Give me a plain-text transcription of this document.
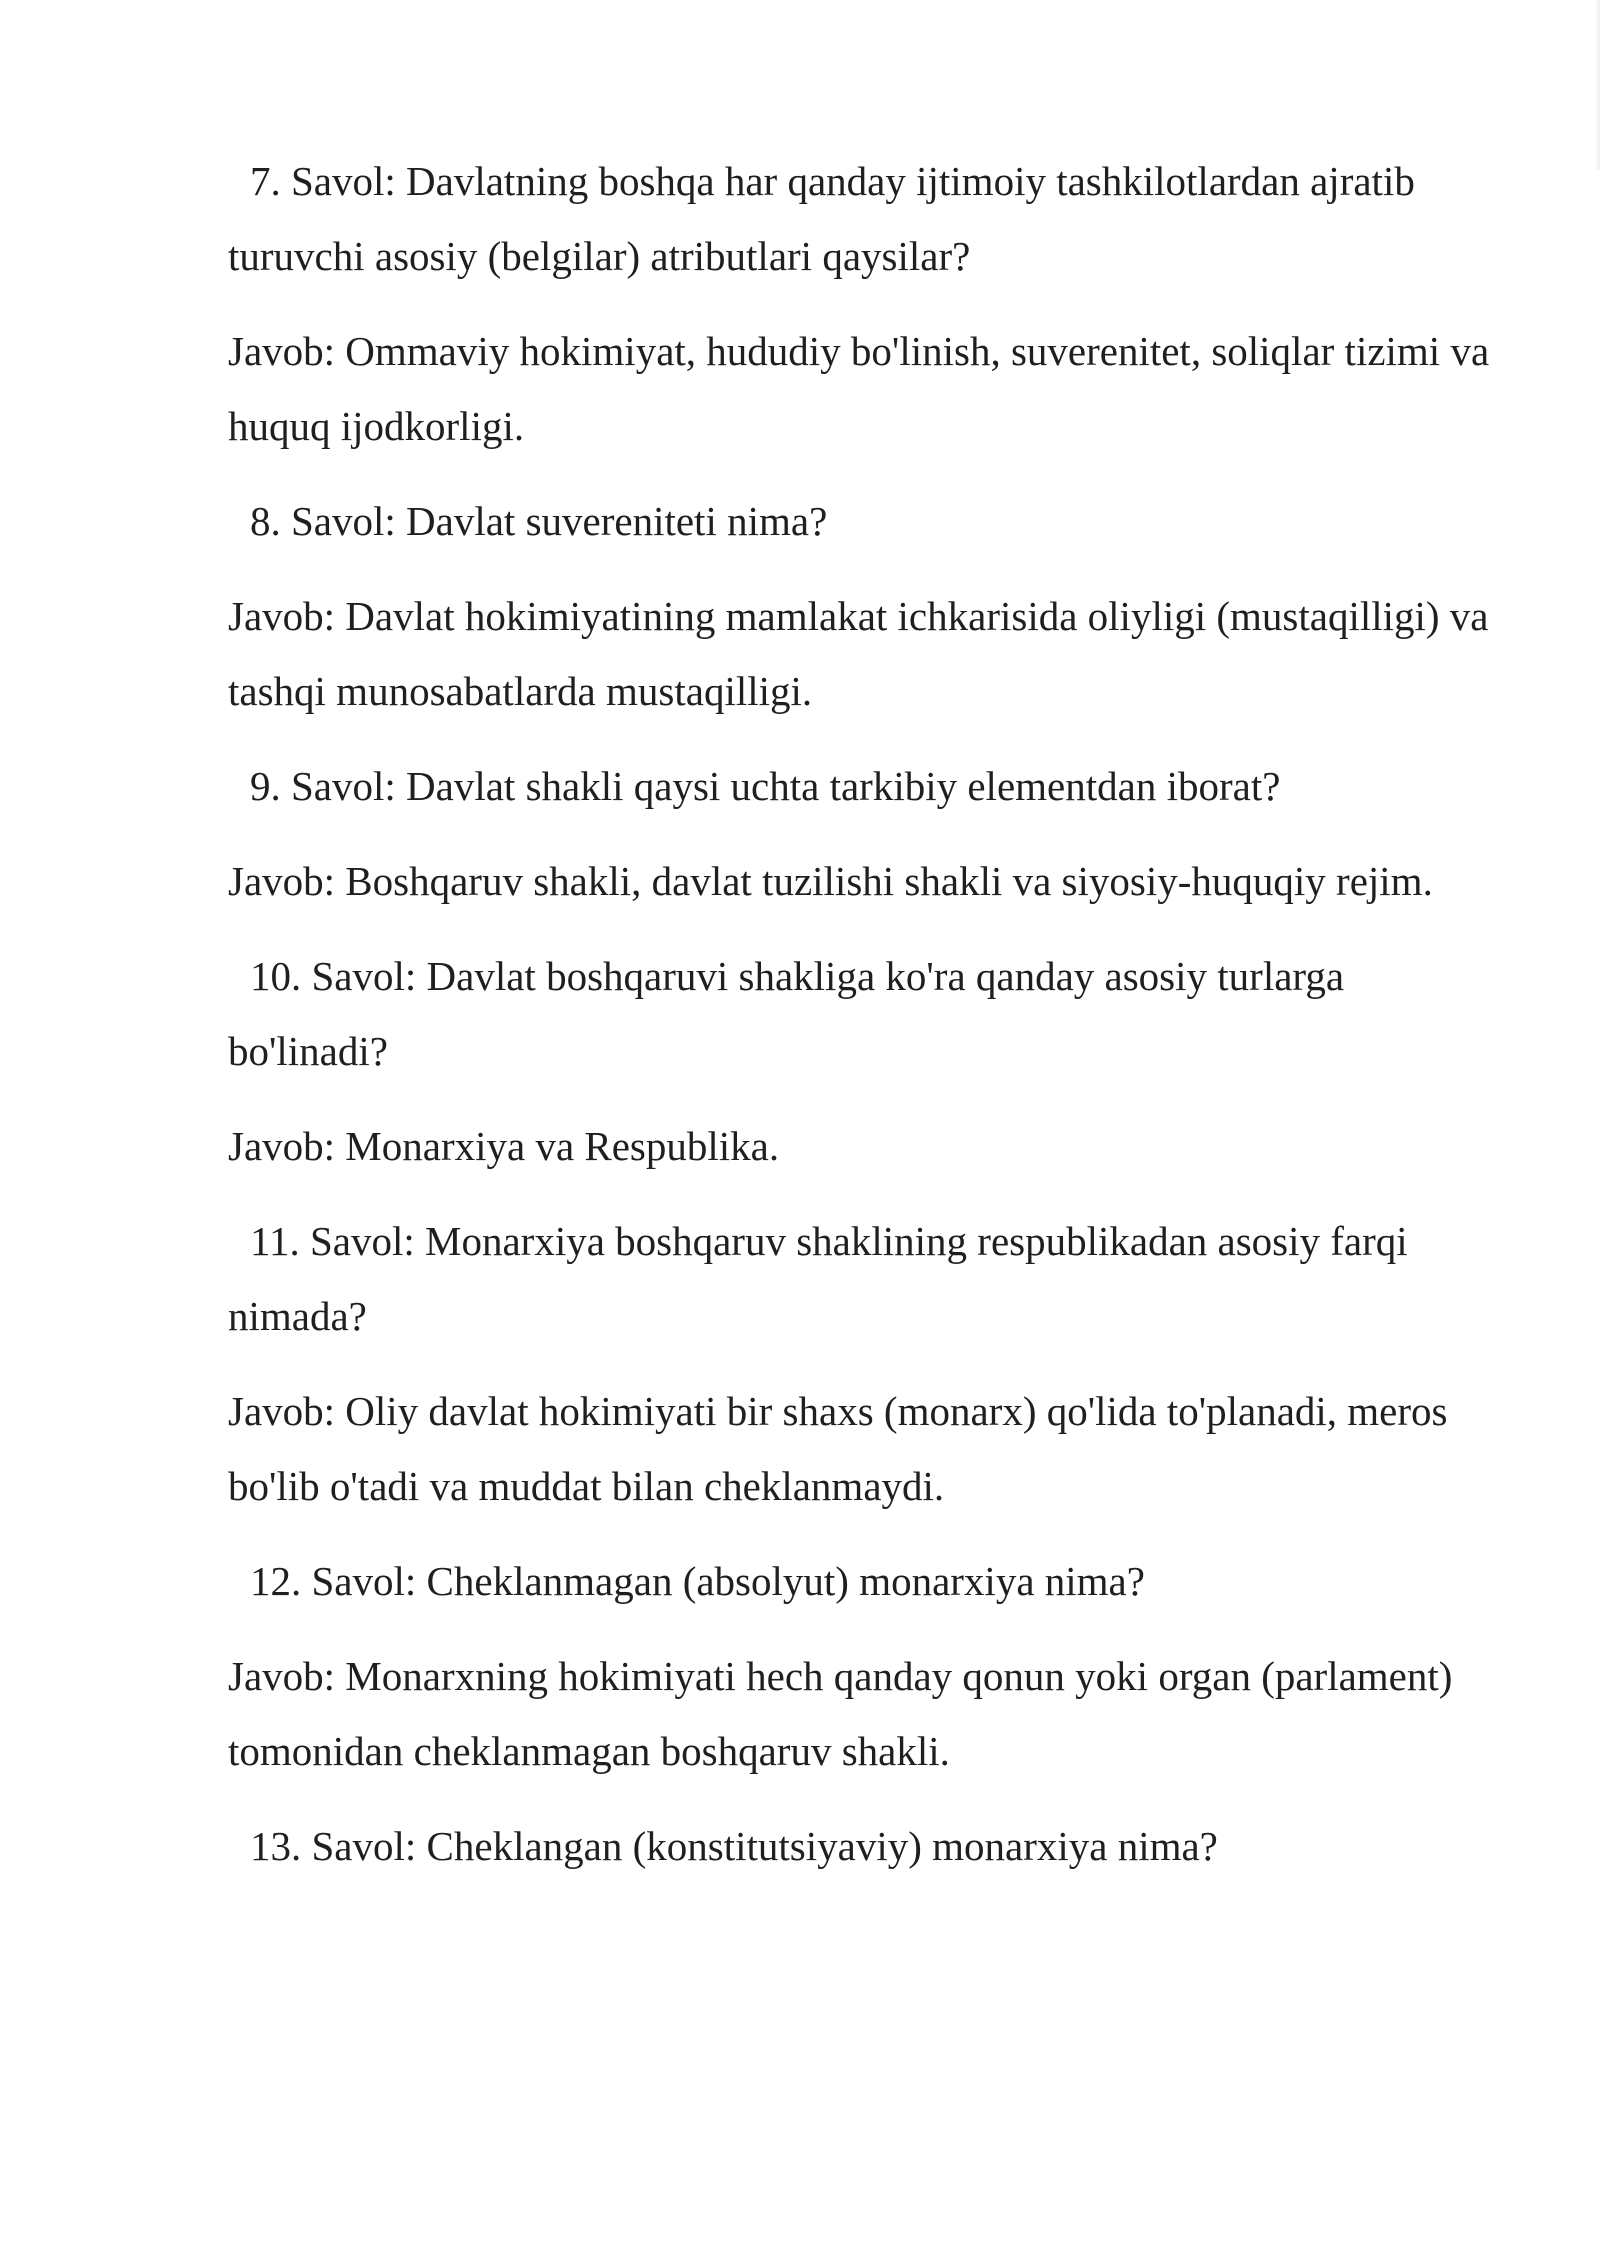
7. Savol: Davlatning boshqa har qanday ijtimoiy tashkilotlardan ajratib turuvchi asosiy (belgilar) atributlari qaysilar?

Javob: Ommaviy hokimiyat, hududiy bo'linish, suverenitet, soliqlar tizimi va huquq ijodkorligi.

8. Savol: Davlat suvereniteti nima?

Javob: Davlat hokimiyatining mamlakat ichkarisida oliyligi (mustaqilligi) va tashqi munosabatlarda mustaqilligi.

9. Savol: Davlat shakli qaysi uchta tarkibiy elementdan iborat?

Javob: Boshqaruv shakli, davlat tuzilishi shakli va siyosiy-huquqiy rejim.

10. Savol: Davlat boshqaruvi shakliga ko'ra qanday asosiy turlarga bo'linadi?

Javob: Monarxiya va Respublika.

11. Savol: Monarxiya boshqaruv shaklining respublikadan asosiy farqi nimada?

Javob: Oliy davlat hokimiyati bir shaxs (monarx) qo'lida to'planadi, meros bo'lib o'tadi va muddat bilan cheklanmaydi.

12. Savol: Cheklanmagan (absolyut) monarxiya nima?

Javob: Monarxning hokimiyati hech qanday qonun yoki organ (parlament) tomonidan cheklanmagan boshqaruv shakli.

13. Savol: Cheklangan (konstitutsiyaviy) monarxiya nima?
